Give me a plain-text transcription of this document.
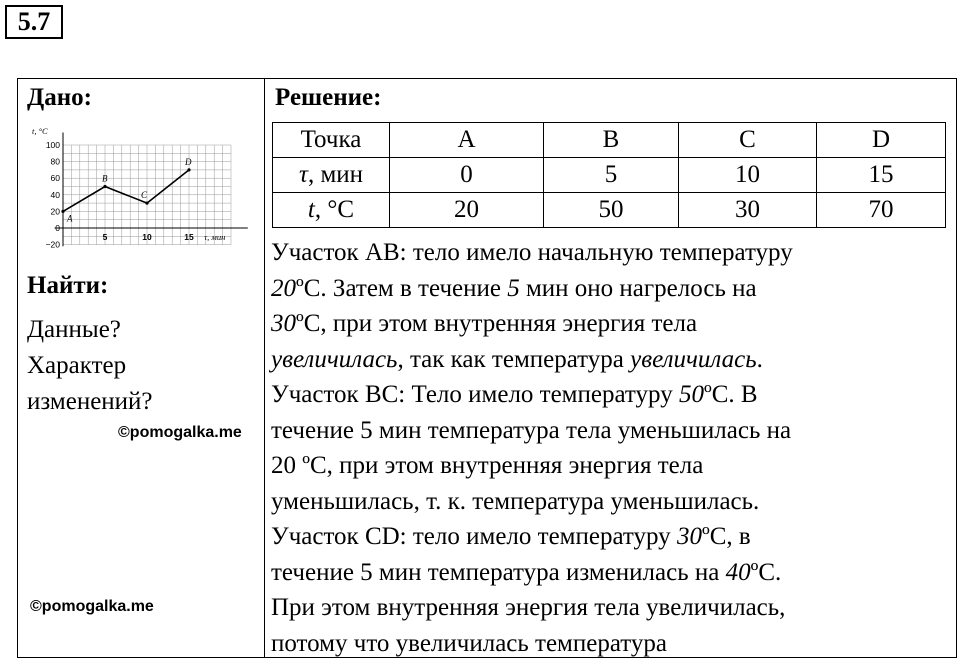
5.7
Дано:
t, °C
100
80
60
40
20
0
−20
5	10	15 τ, мин
A
B
C
D
Найти:
Данные?
Характер
изменений?
©pomogalka.me
©pomogalka.me
Решение:
Точка	A	B	C	D
τ, мин	0	5	10	15
t, °C	20	50	30	70
Участок AB: тело имело начальную температуру
20ºС. Затем в течение 5 мин оно нагрелось на
30ºС, при этом внутренняя энергия тела
увеличилась, так как температура увеличилась.
Участок BC: Тело имело температуру 50ºС. В
течение 5 мин температура тела уменьшилась на
20 ºС, при этом внутренняя энергия тела
уменьшилась, т. к. температура уменьшилась.
Участок CD: тело имело температуру 30ºС, в
течение 5 мин температура изменилась на 40ºС.
При этом внутренняя энергия тела увеличилась,
потому что увеличилась температура
